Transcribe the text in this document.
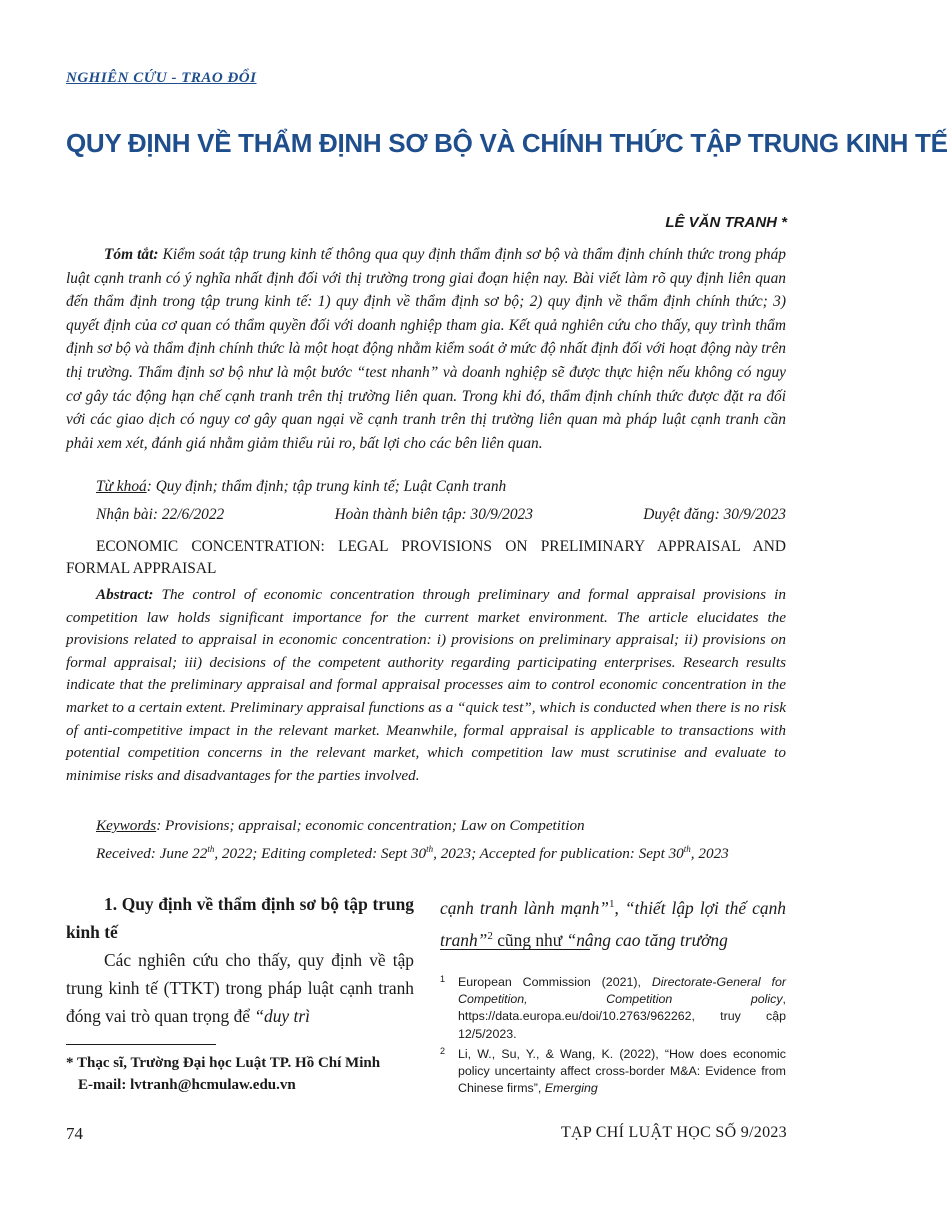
NGHIÊN CỨU - TRAO ĐỔI
QUY ĐỊNH VỀ THẨM ĐỊNH SƠ BỘ VÀ CHÍNH THỨC TẬP TRUNG KINH TẾ
LÊ VĂN TRANH *
Tóm tắt: Kiểm soát tập trung kinh tế thông qua quy định thẩm định sơ bộ và thẩm định chính thức trong pháp luật cạnh tranh có ý nghĩa nhất định đối với thị trường trong giai đoạn hiện nay. Bài viết làm rõ quy định liên quan đến thẩm định trong tập trung kinh tế: 1) quy định về thẩm định sơ bộ; 2) quy định về thẩm định chính thức; 3) quyết định của cơ quan có thẩm quyền đối với doanh nghiệp tham gia. Kết quả nghiên cứu cho thấy, quy trình thẩm định sơ bộ và thẩm định chính thức là một hoạt động nhằm kiểm soát ở mức độ nhất định đối với hoạt động này trên thị trường. Thẩm định sơ bộ như là một bước “test nhanh” và doanh nghiệp sẽ được thực hiện nếu không có nguy cơ gây tác động hạn chế cạnh tranh trên thị trường liên quan. Trong khi đó, thẩm định chính thức được đặt ra đối với các giao dịch có nguy cơ gây quan ngại về cạnh tranh trên thị trường liên quan mà pháp luật cạnh tranh cần phải xem xét, đánh giá nhằm giảm thiểu rủi ro, bất lợi cho các bên liên quan.
Từ khoá: Quy định; thẩm định; tập trung kinh tế; Luật Cạnh tranh
Nhận bài: 22/6/2022	Hoàn thành biên tập: 30/9/2023	Duyệt đăng: 30/9/2023
ECONOMIC CONCENTRATION: LEGAL PROVISIONS ON PRELIMINARY APPRAISAL AND FORMAL APPRAISAL
Abstract: The control of economic concentration through preliminary and formal appraisal provisions in competition law holds significant importance for the current market environment. The article elucidates the provisions related to appraisal in economic concentration: i) provisions on preliminary appraisal; ii) provisions on formal appraisal; iii) decisions of the competent authority regarding participating enterprises. Research results indicate that the preliminary appraisal and formal appraisal processes aim to control economic concentration in the market to a certain extent. Preliminary appraisal functions as a “quick test”, which is conducted when there is no risk of anti-competitive impact in the relevant market. Meanwhile, formal appraisal is applicable to transactions with potential competition concerns in the relevant market, which competition law must scrutinise and evaluate to minimise risks and disadvantages for the parties involved.
Keywords: Provisions; appraisal; economic concentration; Law on Competition
Received: June 22th, 2022; Editing completed: Sept 30th, 2023; Accepted for publication: Sept 30th, 2023
1. Quy định về thẩm định sơ bộ tập trung kinh tế
Các nghiên cứu cho thấy, quy định về tập trung kinh tế (TTKT) trong pháp luật cạnh tranh đóng vai trò quan trọng để “duy trì
cạnh tranh lành mạnh”$^1$, “thiết lập lợi thế cạnh tranh”$^2$ cũng như “nâng cao tăng trưởng
* Thạc sĩ, Trường Đại học Luật TP. Hồ Chí Minh
E-mail: lvtranh@hcmulaw.edu.vn
1 European Commission (2021), Directorate-General for Competition, Competition policy, https://data.europa.eu/doi/10.2763/962262, truy cập 12/5/2023.
2 Li, W., Su, Y., & Wang, K. (2022), “How does economic policy uncertainty affect cross-border M&A: Evidence from Chinese firms”, Emerging
74	TẠP CHÍ LUẬT HỌC SỐ 9/2023
